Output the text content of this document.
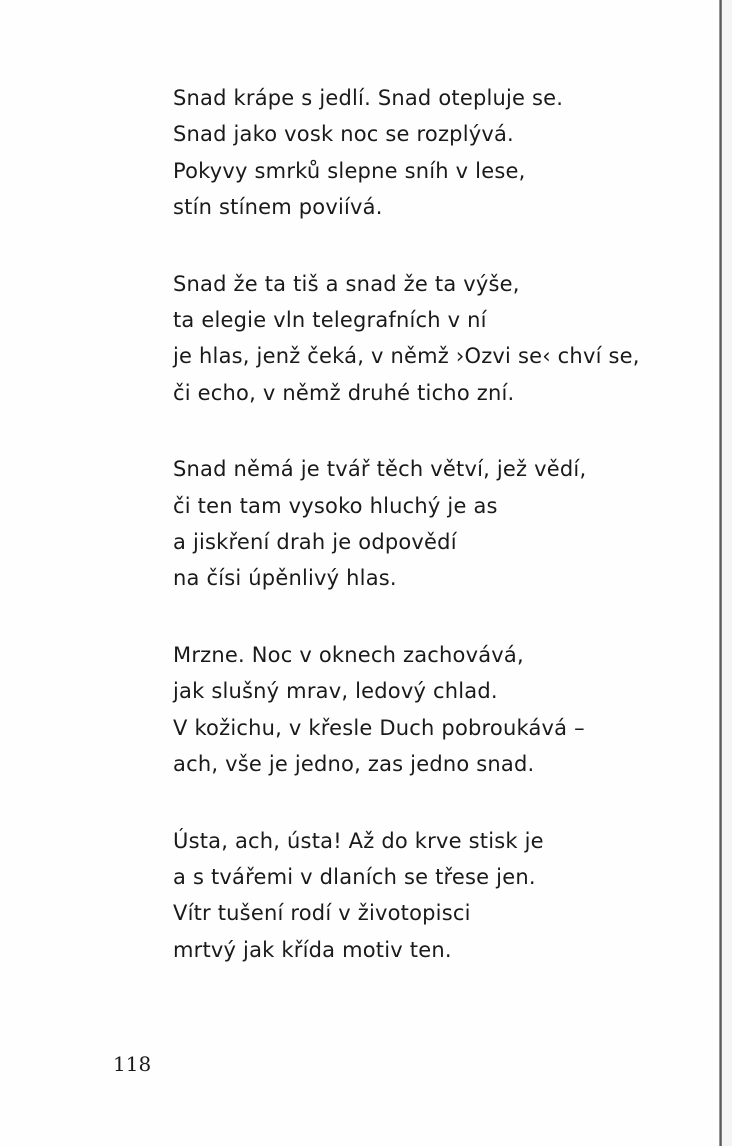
Snad krápe s jedlí. Snad otepluje se.
Snad jako vosk noc se rozplývá.
Pokyvy smrků slepne sníh v lese,
stín stínem poviívá.
Snad že ta tiš a snad že ta výše,
ta elegie vln telegrafních v ní
je hlas, jenž čeká, v němž ›Ozvi se‹ chví se,
či echo, v němž druhé ticho zní.
Snad němá je tvář těch větví, jež vědí,
či ten tam vysoko hluchý je as
a jiskření drah je odpovědí
na čísi úpěnlivý hlas.
Mrzne. Noc v oknech zachovává,
jak slušný mrav, ledový chlad.
V kožichu, v křesle Duch pobroukává –
ach, vše je jedno, zas jedno snad.
Ústa, ach, ústa! Až do krve stisk je
a s tvářemi v dlaních se třese jen.
Vítr tušení rodí v životopisci
mrtvý jak křída motiv ten.
118
